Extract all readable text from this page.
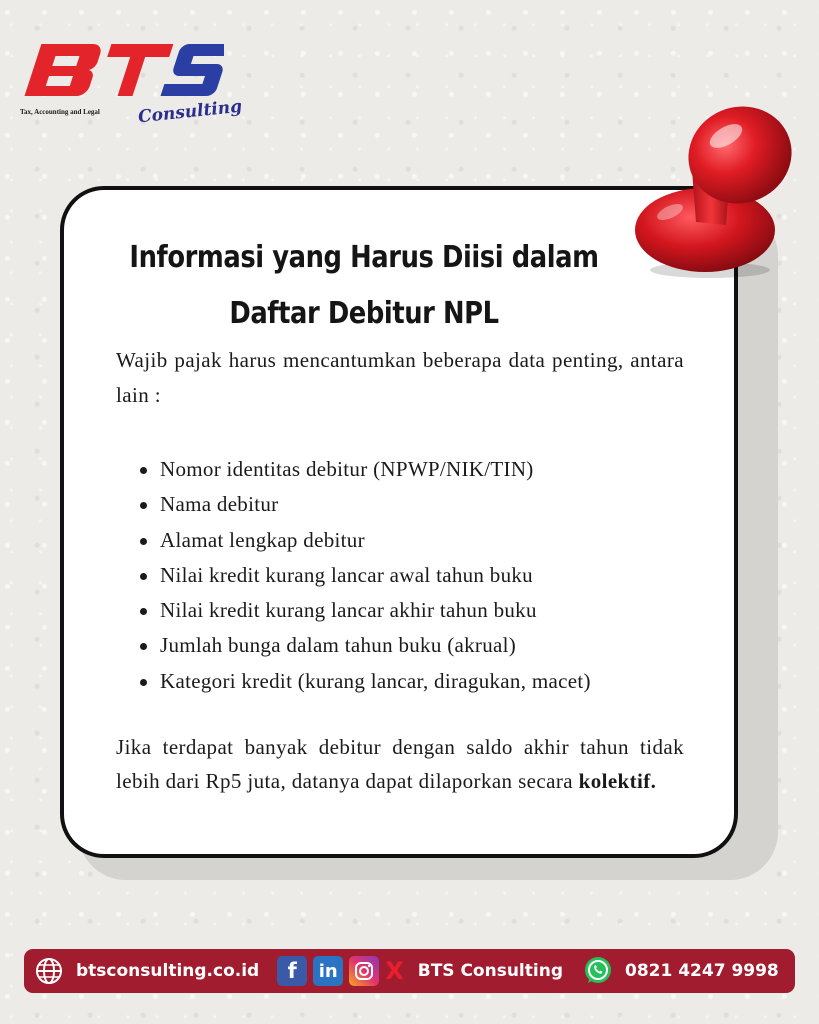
Tax, Accounting and Legal Consulting
Informasi yang Harus Diisi dalam
Daftar Debitur NPL
Wajib pajak harus mencantumkan beberapa data penting, antara lain :
Nomor identitas debitur (NPWP/NIK/TIN)
Nama debitur
Alamat lengkap debitur
Nilai kredit kurang lancar awal tahun buku
Nilai kredit kurang lancar akhir tahun buku
Jumlah bunga dalam tahun buku (akrual)
Kategori kredit (kurang lancar, diragukan, macet)
Jika terdapat banyak debitur dengan saldo akhir tahun tidak lebih dari Rp5 juta, datanya dapat dilaporkan secara kolektif.
btsconsulting.co.id	f	in X BTS Consulting	0821 4247 9998
